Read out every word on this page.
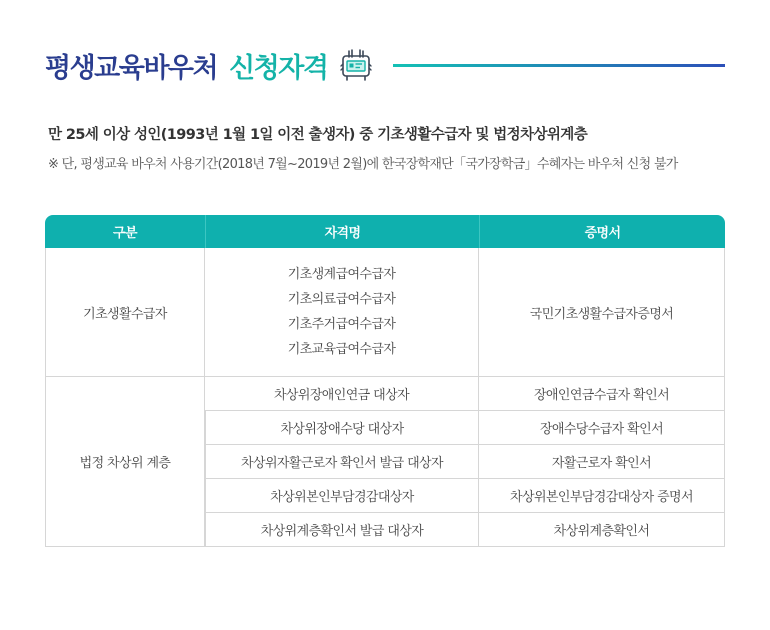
평생교육바우처 신청자격
만 25세 이상 성인(1993년 1월 1일 이전 출생자) 중 기초생활수급자 및 법정차상위계층
※ 단, 평생교육 바우처 사용기간(2018년 7월~2019년 2월)에 한국장학재단「국가장학금」수혜자는 바우처 신청 불가
구분	자격명	증명서
기초생활수급자	기초생계급여수급자
기초의료급여수급자
기초주거급여수급자
기초교육급여수급자	국민기초생활수급자증명서
법정 차상위 계층	차상위장애인연금 대상자	장애인연금수급자 확인서
	차상위장애수당 대상자	장애수당수급자 확인서
	차상위자활근로자 확인서 발급 대상자	자활근로자 확인서
	차상위본인부담경감대상자	차상위본인부담경감대상자 증명서
	차상위계층확인서 발급 대상자	차상위계층확인서
